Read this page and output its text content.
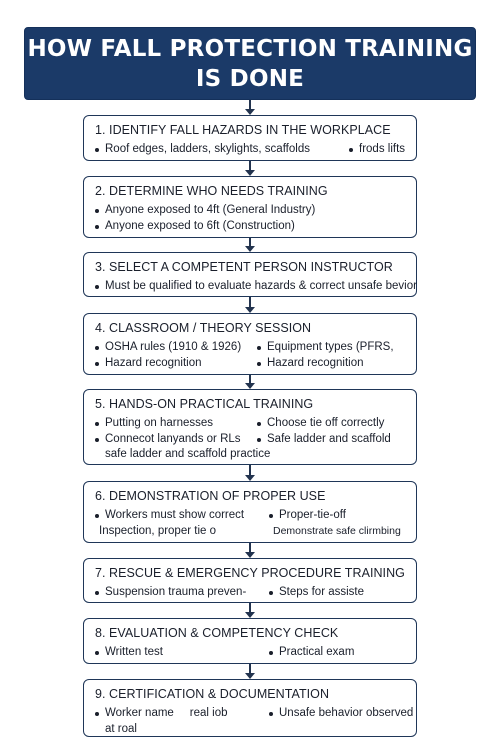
HOW FALL PROTECTION TRAINING
IS DONE
1. IDENTIFY FALL HAZARDS IN THE WORKPLACE
Roof edges, ladders, skylights, scaffolds	frods lifts
2. DETERMINE WHO NEEDS TRAINING
Anyone exposed to 4ft (General Industry)
Anyone exposed to 6ft (Construction)
3. SELECT A COMPETENT PERSON INSTRUCTOR
Must be qualified to evaluate hazards & correct unsafe bevior
4. CLASSROOM / THEORY SESSION
OSHA rules (1910 & 1926)	Equipment types (PFRS,
Hazard recognition	Hazard recognition
5. HANDS-ON PRACTICAL TRAINING
Putting on harnesses	Choose tie off correctly
Connecot lanyands or RLs	Safe ladder and scaffold
safe ladder and scaffold practice
6. DEMONSTRATION OF PROPER USE
Workers must show correct	Proper-tie-off
Inspection, proper tie o	Demonstrate safe clirmbing
7. RESCUE & EMERGENCY PROCEDURE TRAINING
Suspension trauma preven-	Steps for assiste
8. EVALUATION & COMPETENCY CHECK
Written test	Practical exam
9. CERTIFICATION & DOCUMENTATION
Worker name     real iob	Unsafe behavior observed
at roal
